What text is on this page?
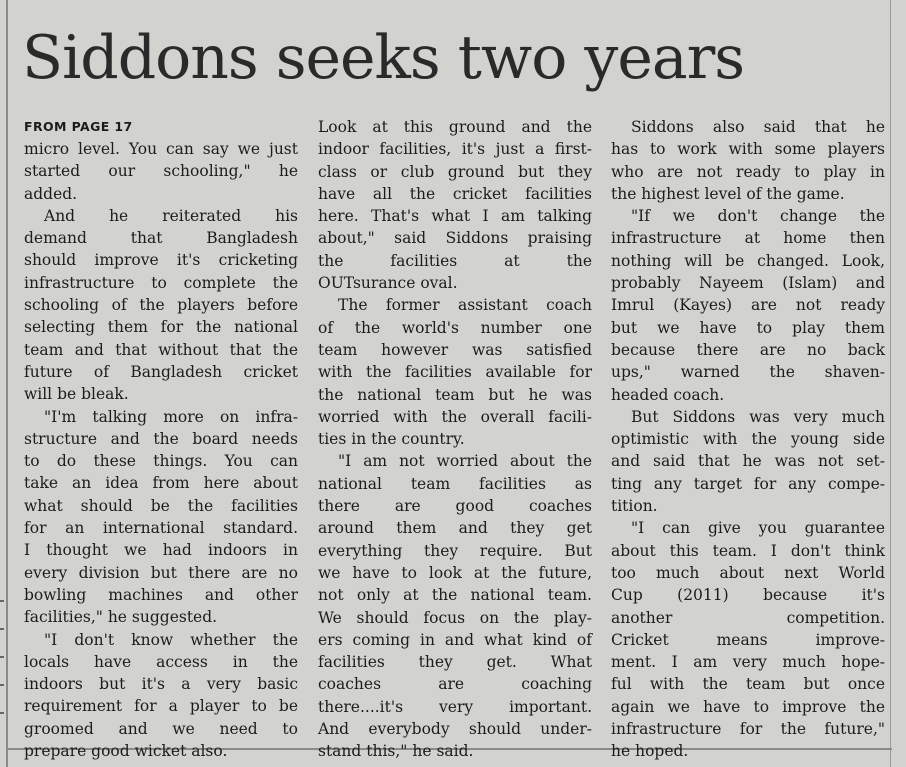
Siddons seeks two years
FROM PAGE 17
micro level. You can say we just
started our schooling," he
added.
And he reiterated his
demand that Bangladesh
should improve it's cricketing
infrastructure to complete the
schooling of the players before
selecting them for the national
team and that without that the
future of Bangladesh cricket
will be bleak.
"I'm talking more on infra-
structure and the board needs
to do these things. You can
take an idea from here about
what should be the facilities
for an international standard.
I thought we had indoors in
every division but there are no
bowling machines and other
facilities," he suggested.
"I don't know whether the
locals have access in the
indoors but it's a very basic
requirement for a player to be
groomed and we need to
prepare good wicket also.
Look at this ground and the
indoor facilities, it's just a first-
class or club ground but they
have all the cricket facilities
here. That's what I am talking
about," said Siddons praising
the facilities at the
OUTsurance oval.
The former assistant coach
of the world's number one
team however was satisfied
with the facilities available for
the national team but he was
worried with the overall facili-
ties in the country.
"I am not worried about the
national team facilities as
there are good coaches
around them and they get
everything they require. But
we have to look at the future,
not only at the national team.
We should focus on the play-
ers coming in and what kind of
facilities they get. What
coaches are coaching
there....it's very important.
And everybody should under-
stand this," he said.
Siddons also said that he
has to work with some players
who are not ready to play in
the highest level of the game.
"If we don't change the
infrastructure at home then
nothing will be changed. Look,
probably Nayeem (Islam) and
Imrul (Kayes) are not ready
but we have to play them
because there are no back
ups," warned the shaven-
headed coach.
But Siddons was very much
optimistic with the young side
and said that he was not set-
ting any target for any compe-
tition.
"I can give you guarantee
about this team. I don't think
too much about next World
Cup (2011) because it's
another competition.
Cricket means improve-
ment. I am very much hope-
ful with the team but once
again we have to improve the
infrastructure for the future,"
he hoped.
